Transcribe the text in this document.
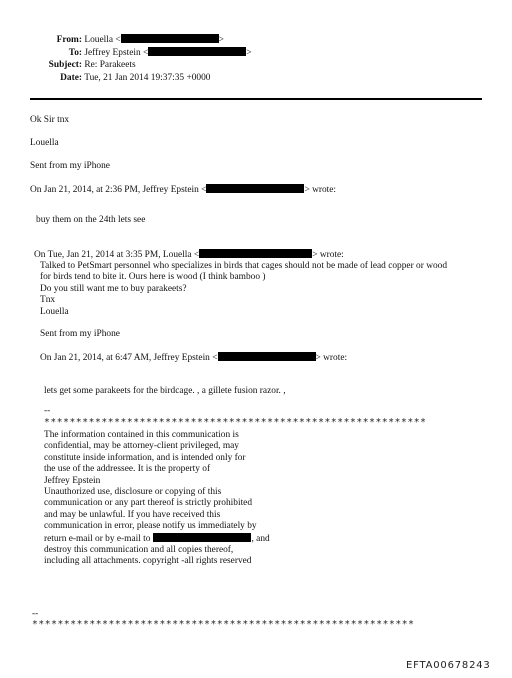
From: Louella <	>
To: Jeffrey Epstein <	>
Subject: Re: Parakeets
Date: Tue, 21 Jan 2014 19:37:35 +0000
Ok Sir tnx
Louella
Sent from my iPhone
On Jan 21, 2014, at 2:36 PM, Jeffrey Epstein <	> wrote:
buy them on the 24th lets see
On Tue, Jan 21, 2014 at 3:35 PM, Louella <	> wrote:
Talked to PetSmart personnel who specializes in birds that cages should not be made of lead copper or wood
for birds tend to bite it. Ours here is wood (I think bamboo )
Do you still want me to buy parakeets?
Tnx
Louella
Sent from my iPhone
On Jan 21, 2014, at 6:47 AM, Jeffrey Epstein <	> wrote:
lets get some parakeets for the birdcage. , a gillete fusion razor. ,
--
************************************************************
The information contained in this communication is
confidential, may be attorney-client privileged, may
constitute inside information, and is intended only for
the use of the addressee. It is the property of
Jeffrey Epstein
Unauthorized use, disclosure or copying of this
communication or any part thereof is strictly prohibited
and may be unlawful. If you have received this
communication in error, please notify us immediately by
return e-mail or by e-mail to	, and
destroy this communication and all copies thereof,
including all attachments. copyright -all rights reserved
--
************************************************************
EFTA00678243
